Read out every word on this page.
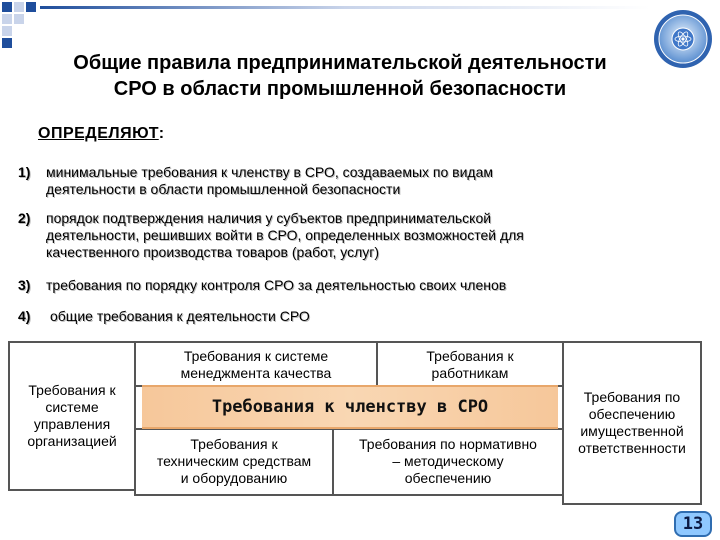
Общие правила предпринимательской деятельности
СРО в области промышленной безопасности
ОПРЕДЕЛЯЮТ:
1) минимальные требования к членству в СРО, создаваемых по видам
деятельности в области промышленной безопасности
2) порядок подтверждения наличия у субъектов предпринимательской
деятельности, решивших войти в СРО, определенных возможностей для
качественного производства товаров (работ, услуг)
3) требования по порядку контроля СРО за деятельностью своих членов
4) общие требования к деятельности СРО
Требования к
системе
управления
организацией
Требования к системе
менеджмента качества
Требования к
работникам
Требования к
техническим средствам
и оборудованию
Требования по нормативно
– методическому
обеспечению
Требования к членству в СРО	Требования по
обеспечению
имущественной
ответственности
13
